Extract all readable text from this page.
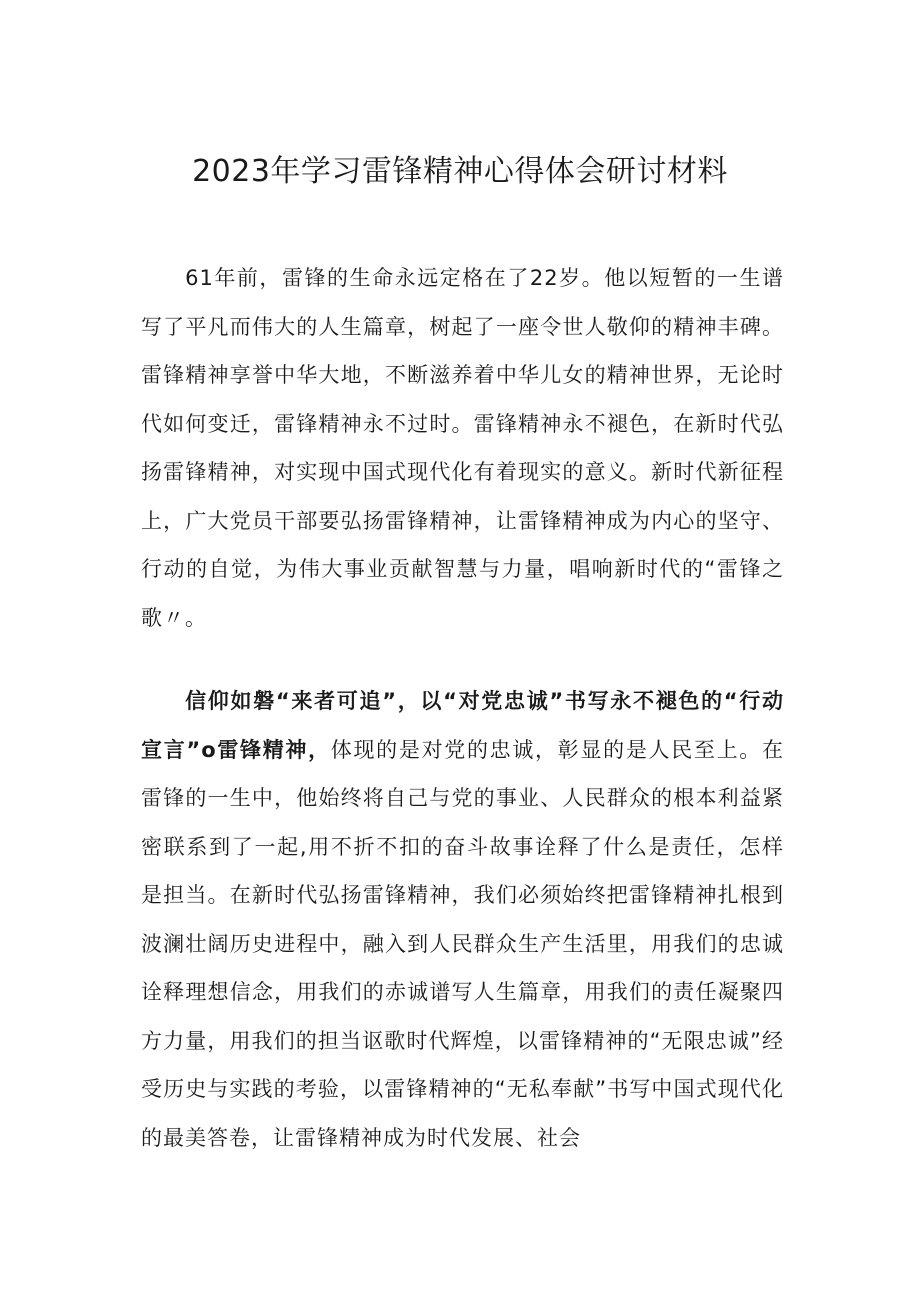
2023年学习雷锋精神心得体会研讨材料

61年前，雷锋的生命永远定格在了22岁。他以短暂的一生谱写了平凡而伟大的人生篇章，树起了一座令世人敬仰的精神丰碑。雷锋精神享誉中华大地，不断滋养着中华儿女的精神世界，无论时代如何变迁，雷锋精神永不过时。雷锋精神永不褪色，在新时代弘扬雷锋精神，对实现中国式现代化有着现实的意义。新时代新征程上，广大党员干部要弘扬雷锋精神，让雷锋精神成为内心的坚守、行动的自觉，为伟大事业贡献智慧与力量，唱响新时代的“雷锋之歌〃。

信仰如磐“来者可追”，以“对党忠诚”书写永不褪色的“行动宣言”o雷锋精神，体现的是对党的忠诚，彰显的是人民至上。在雷锋的一生中，他始终将自己与党的事业、人民群众的根本利益紧密联系到了一起,用不折不扣的奋斗故事诠释了什么是责任，怎样是担当。在新时代弘扬雷锋精神，我们必须始终把雷锋精神扎根到波澜壮阔历史进程中，融入到人民群众生产生活里，用我们的忠诚诠释理想信念，用我们的赤诚谱写人生篇章，用我们的责任凝聚四方力量，用我们的担当讴歌时代辉煌，以雷锋精神的“无限忠诚”经受历史与实践的考验，以雷锋精神的“无私奉献”书写中国式现代化的最美答卷，让雷锋精神成为时代发展、社会
